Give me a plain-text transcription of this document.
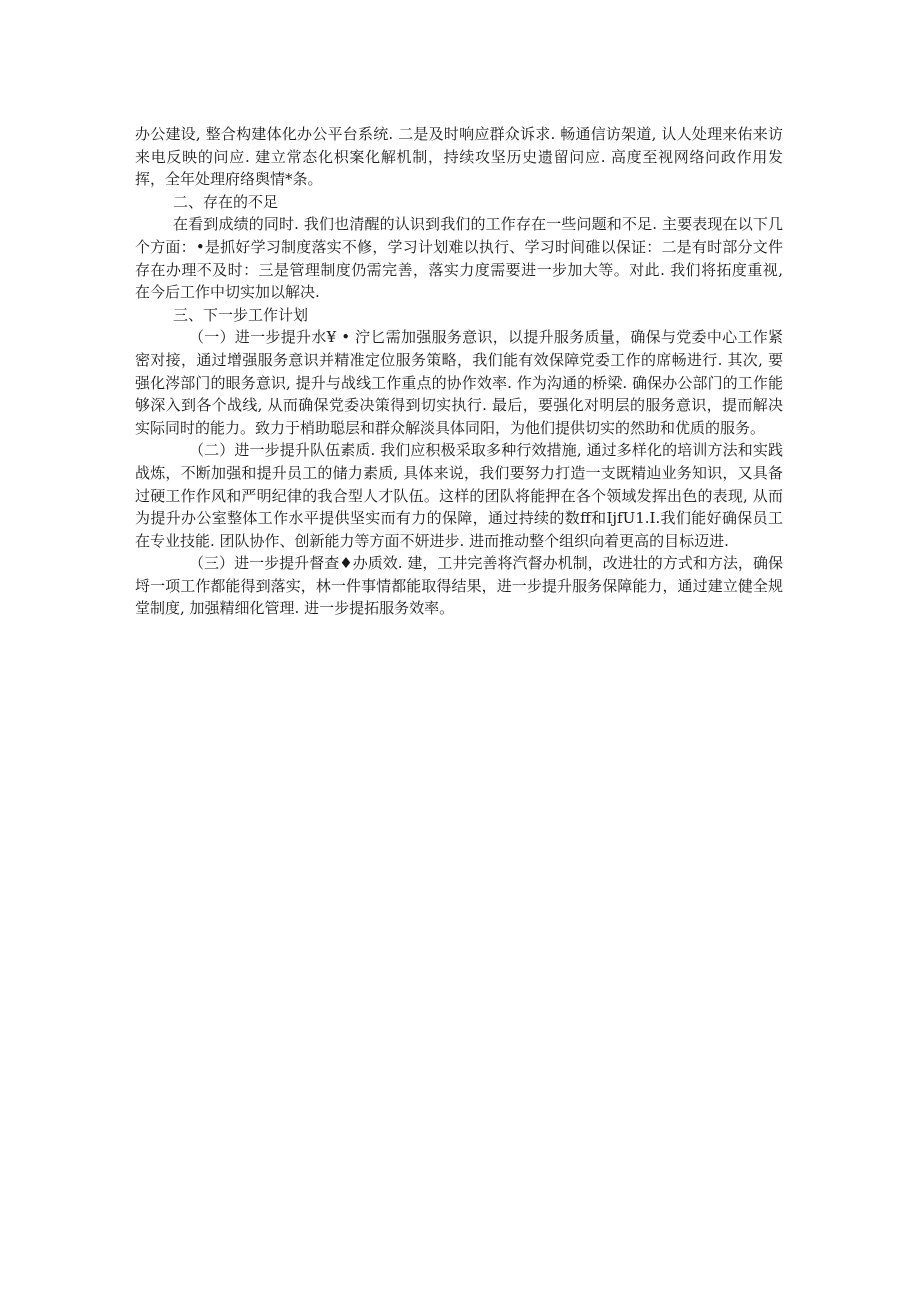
办公建设, 整合构建体化办公平台系统. 二是及时响应群众诉求. 畅通信访架道, 认人处理来佑来访来电反映的问应. 建立常态化枳案化解机制，持续攻坚历史遗留问应. 高度至视网络问政作用发挥，全年处理府络舆情*条。

二、存在的不足

在看到成绩的同时. 我们也清醒的认识到我们的工作存在一些问题和不足. 主要表现在以下几个方面：•是抓好学习制度落实不修，学习计划难以执行、学习时间碓以保证：二是有时部分文件存在办理不及时：三是管理制度仍需完善，落实力度需要进一步加大等。对此. 我们将拓度重视, 在今后工作中切实加以解决.

三、下一步工作计划

（一）进一步提升水¥ • 泞匕需加强服务意识，以提升服务质量，确保与党委中心工作紧密对接，通过增强服务意识并精准定位服务策略，我们能有效保障党委工作的席畅进行. 其次, 要强化涔部门的眼务意识, 提升与战线工作重点的协作效率. 作为沟通的桥梁. 确保办公部门的工作能够深入到各个战线, 从而确保党委决策得到切实执行. 最后，要强化对明层的服务意识，提而解决实际同时的能力。致力于梢助聪层和群众解淡具体同阳，为他们提供切实的然助和优质的服务。

（二）进一步提升队伍素质. 我们应积极采取多种行效措施, 通过多样化的培训方法和实践战炼，不断加强和提升员工的储力素质, 具体来说，我们要努力打造一支既精辿业务知识，又具备过硬工作作风和严明纪律的我合型人才队伍。这样的团队将能押在各个领域发挥出色的表现, 从而为提升办公室整体工作水平提供坚实而有力的保障，通过持续的数ff和IjfU1.I.我们能好确保员工在专业技能. 团队协作、创新能力等方面不妍进步. 进而推动整个组织向着更高的目标迈进.

（三）进一步提升督查♦办质效. 建，工井完善将汽督办机制，改进壮的方式和方法，确保埒一项工作都能得到落实，林一件事情都能取得结果，进一步提升服务保障能力，通过建立健全规堂制度, 加强精细化管理. 进一步提拓服务效率。
